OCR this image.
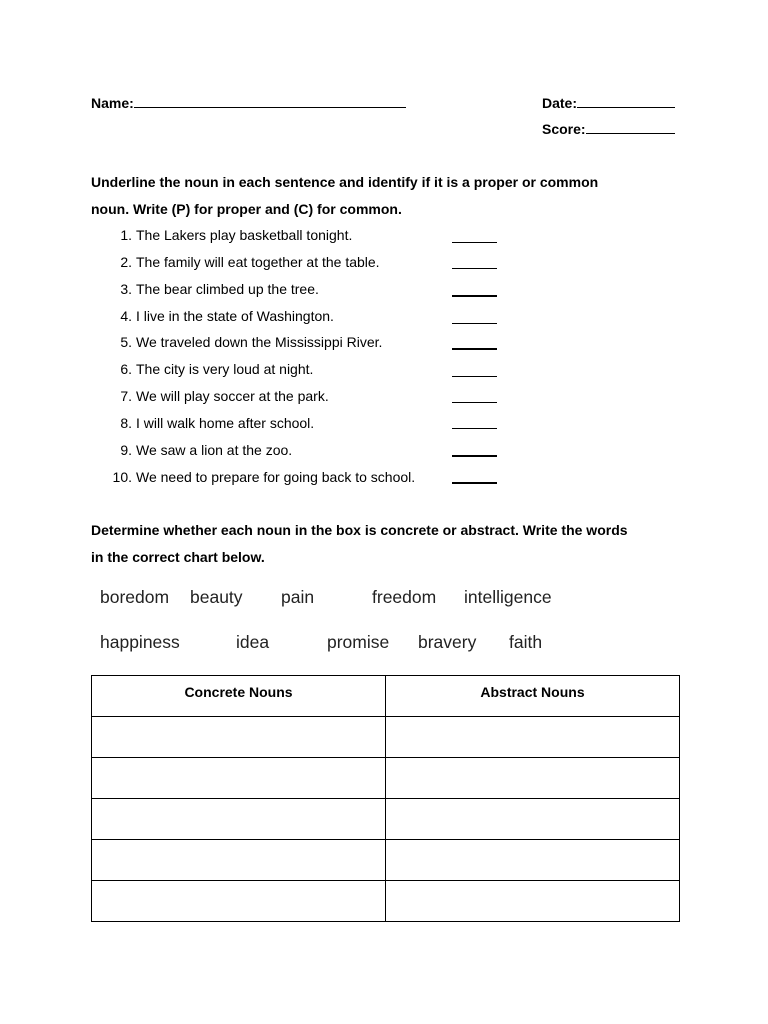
Name:	Date:
Score:
Underline the noun in each sentence and identify if it is a proper or common
noun. Write (P) for proper and (C) for common.
1. The Lakers play basketball tonight.
2. The family will eat together at the table.
3. The bear climbed up the tree.
4. I live in the state of Washington.
5. We traveled down the Mississippi River.
6. The city is very loud at night.
7. We will play soccer at the park.
8. I will walk home after school.
9. We saw a lion at the zoo.
10. We need to prepare for going back to school.
Determine whether each noun in the box is concrete or abstract. Write the words
in the correct chart below.
boredom beauty pain	freedom intelligence
happiness	idea	promise bravery faith
Concrete Nouns	Abstract Nouns
